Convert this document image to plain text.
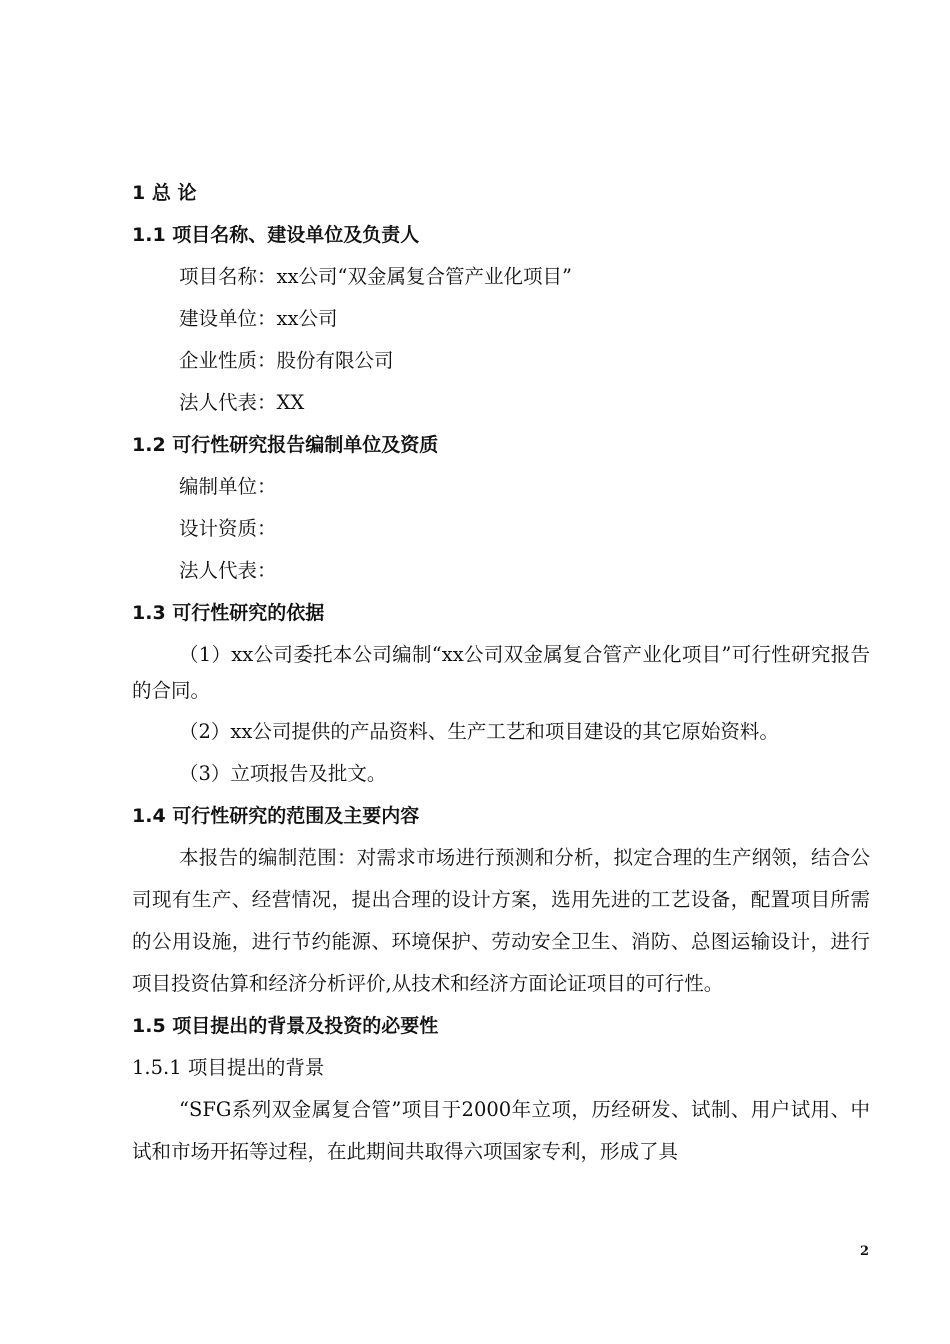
1 总 论

1.1 项目名称、建设单位及负责人

项目名称：xx公司“双金属复合管产业化项目”

建设单位：xx公司

企业性质：股份有限公司

法人代表：XX

1.2 可行性研究报告编制单位及资质

编制单位：

设计资质：

法人代表：

1.3 可行性研究的依据

（1）xx公司委托本公司编制“xx公司双金属复合管产业化项目”可行性研究报告的合同。

（2）xx公司提供的产品资料、生产工艺和项目建设的其它原始资料。

（3）立项报告及批文。

1.4 可行性研究的范围及主要内容

本报告的编制范围：对需求市场进行预测和分析，拟定合理的生产纲领，结合公司现有生产、经营情况，提出合理的设计方案，选用先进的工艺设备，配置项目所需的公用设施，进行节约能源、环境保护、劳动安全卫生、消防、总图运输设计，进行项目投资估算和经济分析评价,从技术和经济方面论证项目的可行性。

1.5 项目提出的背景及投资的必要性

1.5.1 项目提出的背景

“SFG系列双金属复合管”项目于2000年立项，历经研发、试制、用户试用、中试和市场开拓等过程，在此期间共取得六项国家专利，形成了具

2
